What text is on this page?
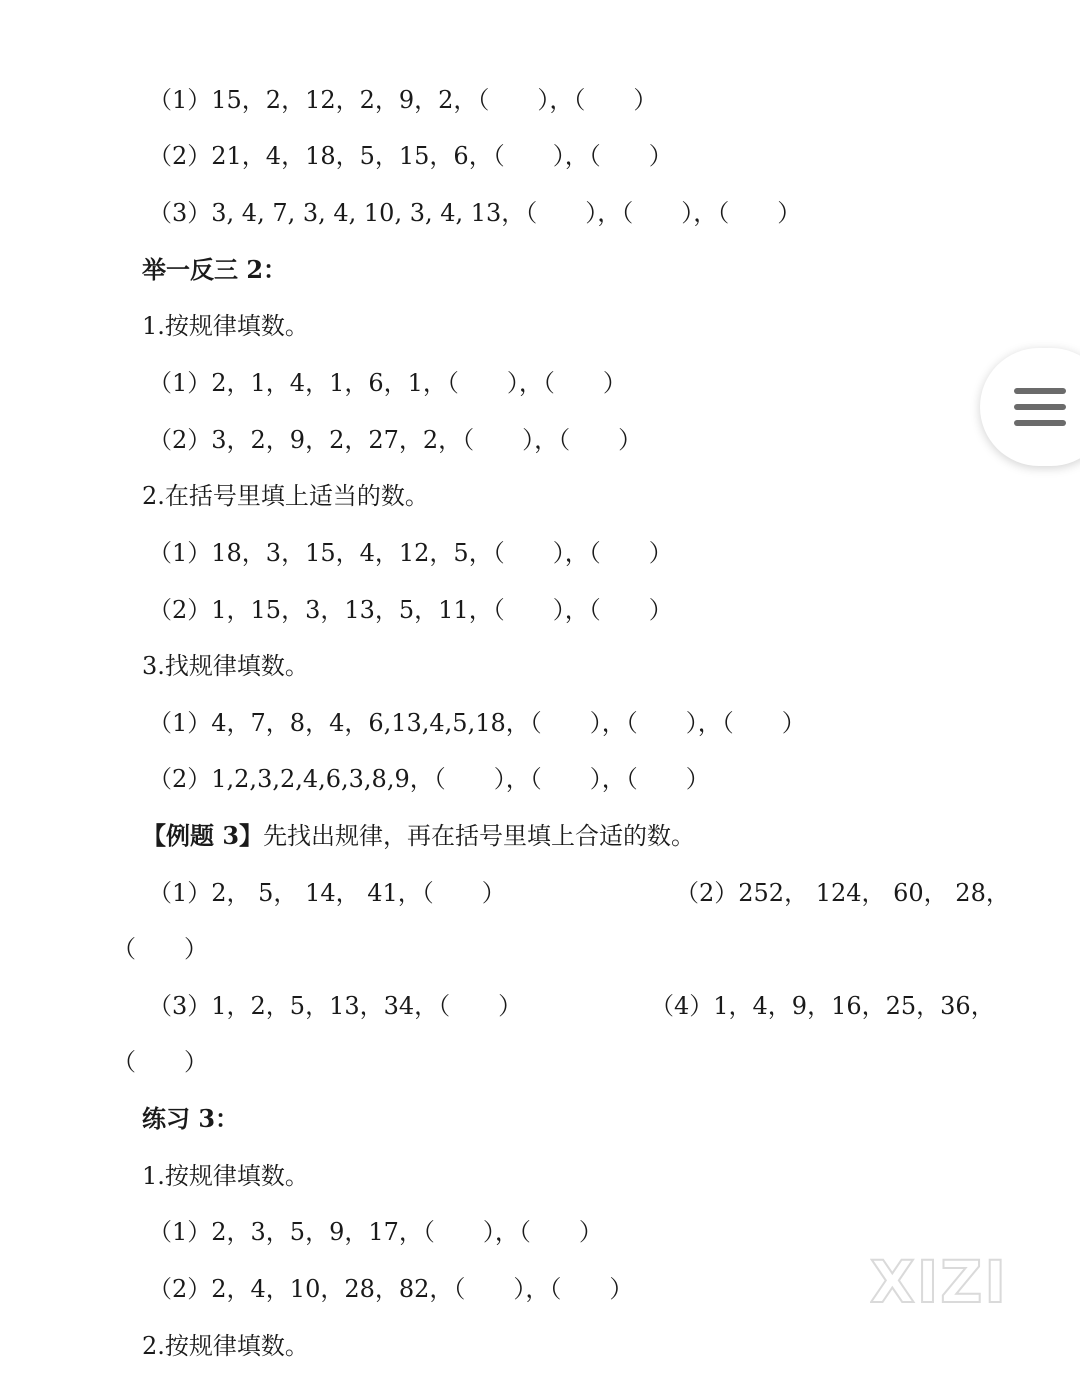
（1）15，2，12，2，9，2，（　　），（　　）
（2）21，4，18，5，15，6，（　　），（　　）
（3）3, 4, 7, 3, 4, 10, 3, 4, 13，（　　），（　　），（　　）
举一反三 2：
1.按规律填数。
（1）2，1，4，1，6，1，（　　），（　　）
（2）3，2，9，2，27，2，（　　），（　　）
2.在括号里填上适当的数。
（1）18，3，15，4，12，5，（　　），（　　）
（2）1，15，3，13，5，11，（　　），（　　）
3.找规律填数。
（1）4，7，8，4，6,13,4,5,18，（　　），（　　），（　　）
（2）1,2,3,2,4,6,3,8,9，（　　），（　　），（　　）
【例题 3】先找出规律，再在括号里填上合适的数。
（1）2， 5， 14， 41，（　　）	（2）252， 124， 60， 28，
（　　）
（3）1，2，5，13，34，（　　）	（4）1，4，9，16，25，36，
（　　）
练习 3：
1.按规律填数。
（1）2，3，5，9，17，（　　），（　　）
（2）2，4，10，28，82，（　　），（　　）
2.按规律填数。
XIZI
